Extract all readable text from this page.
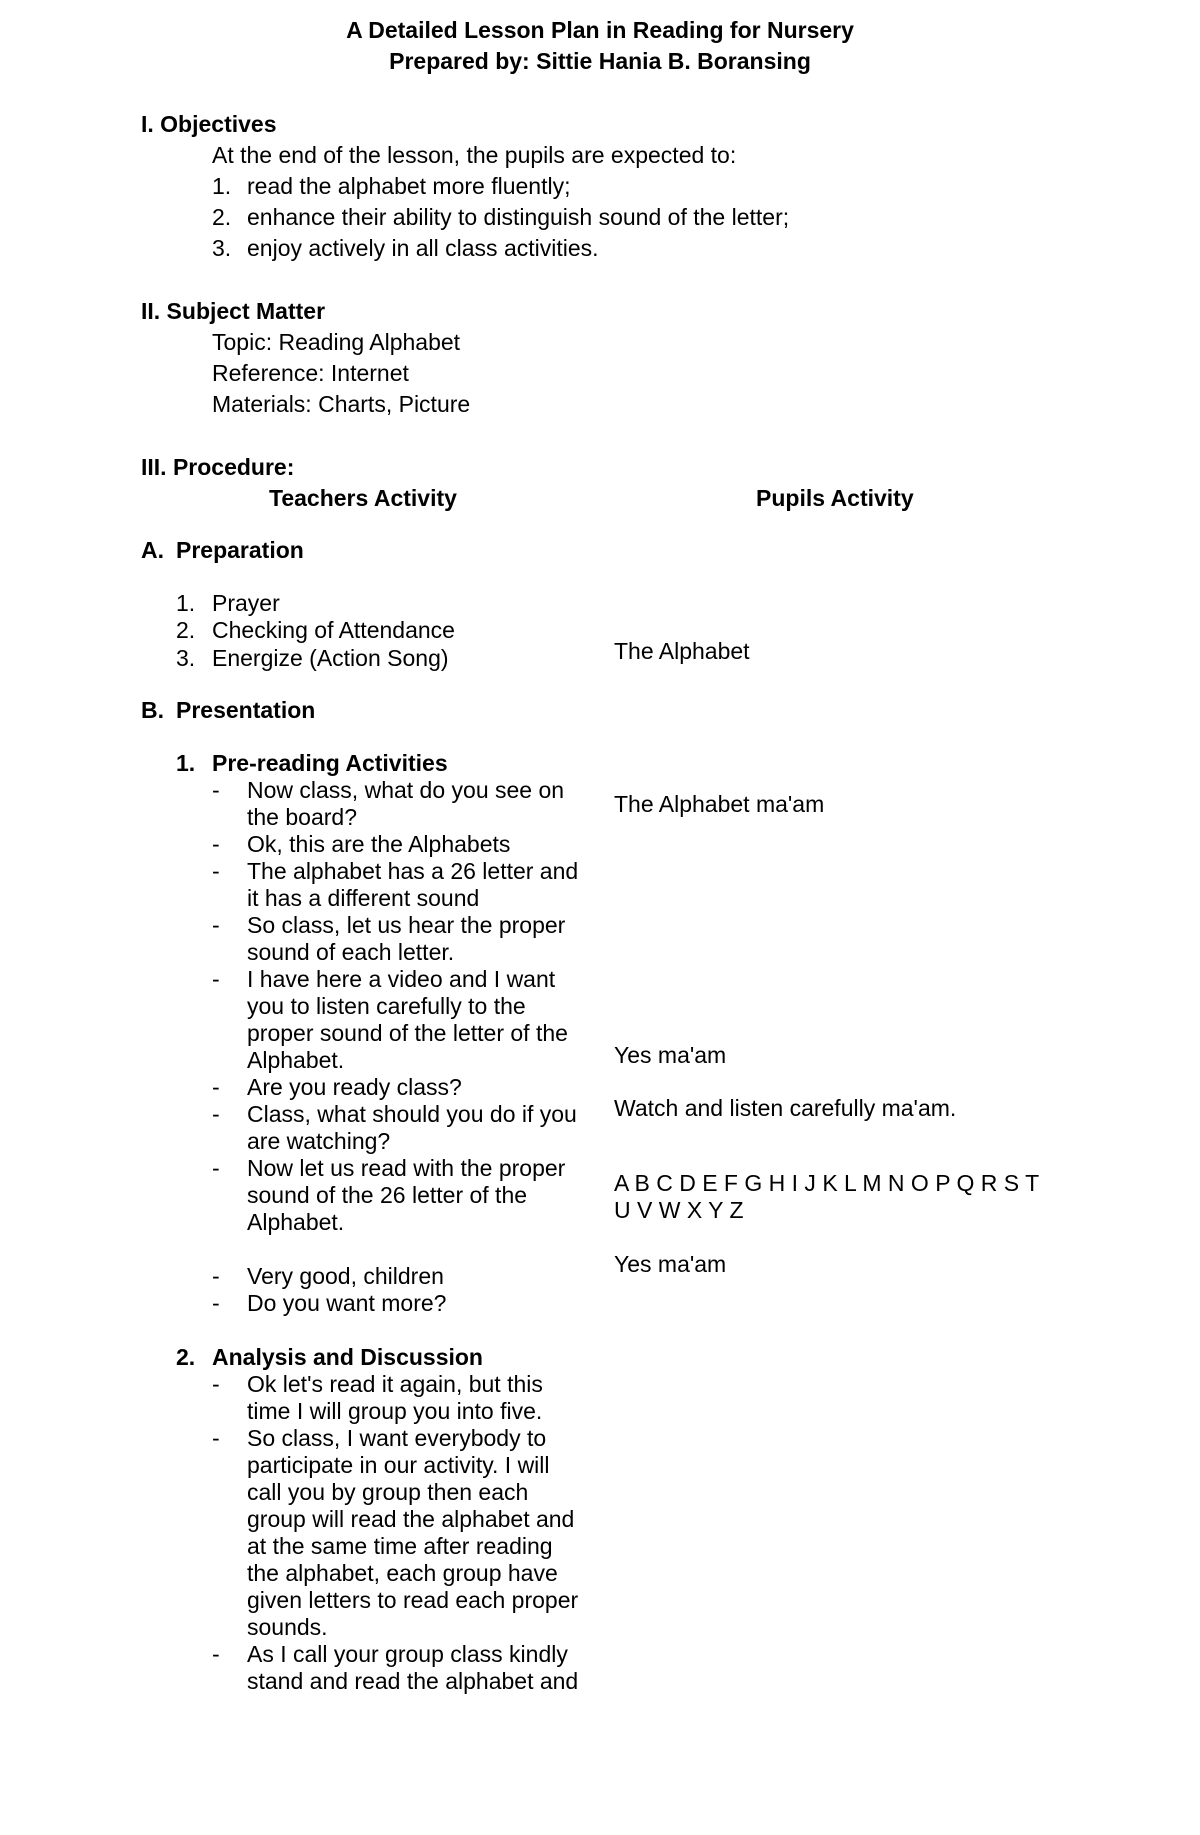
A Detailed Lesson Plan in Reading for Nursery
Prepared by: Sittie Hania B. Boransing
I. Objectives
At the end of the lesson, the pupils are expected to:
1. read the alphabet more fluently;
2. enhance their ability to distinguish sound of the letter;
3. enjoy actively in all class activities.
II. Subject Matter
Topic: Reading Alphabet
Reference: Internet
Materials: Charts, Picture
III. Procedure:
Teachers Activity	Pupils Activity
A. Preparation
1. Prayer
2. Checking of Attendance
3. Energize (Action Song)	The Alphabet
B. Presentation
1. Pre-reading Activities
- Now class, what do you see on
the board?
- Ok, this are the Alphabets
- The alphabet has a 26 letter and
it has a different sound
- So class, let us hear the proper
sound of each letter.
- I have here a video and I want
you to listen carefully to the
proper sound of the letter of the
Alphabet.
- Are you ready class?
- Class, what should you do if you
are watching?
- Now let us read with the proper
sound of the 26 letter of the
Alphabet.
- Very good, children
- Do you want more?
The Alphabet ma'am
Yes ma'am
Watch and listen carefully ma'am.
A B C D E F G H I J K L M N O P Q R S T
U V W X Y Z
Yes ma'am
2. Analysis and Discussion
- Ok let's read it again, but this
time I will group you into five.
- So class, I want everybody to
participate in our activity. I will
call you by group then each
group will read the alphabet and
at the same time after reading
the alphabet, each group have
given letters to read each proper
sounds.
- As I call your group class kindly
stand and read the alphabet and
